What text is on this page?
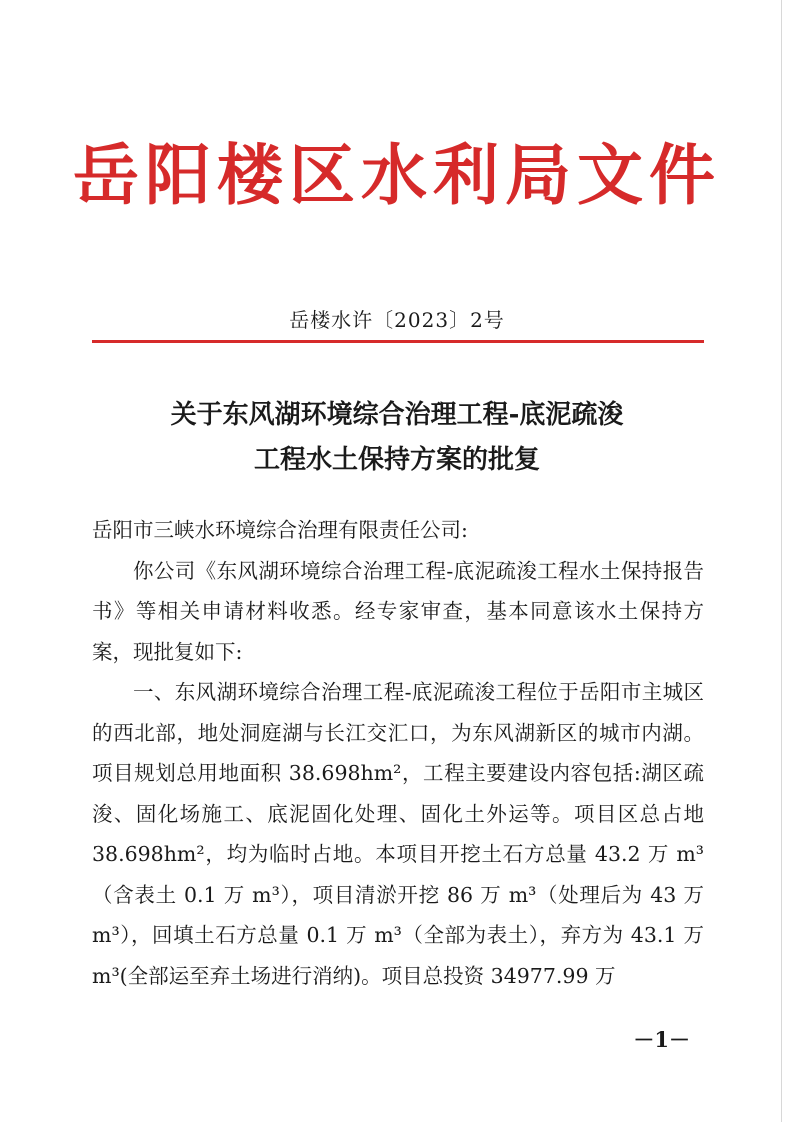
岳阳楼区水利局文件
岳楼水许〔2023〕2号
关于东风湖环境综合治理工程-底泥疏浚
工程水土保持方案的批复

岳阳市三峡水环境综合治理有限责任公司:

你公司《东风湖环境综合治理工程-底泥疏浚工程水土保持报告书》等相关申请材料收悉。经专家审查，基本同意该水土保持方案，现批复如下:

一、东风湖环境综合治理工程-底泥疏浚工程位于岳阳市主城区的西北部，地处洞庭湖与长江交汇口，为东风湖新区的城市内湖。项目规划总用地面积 38.698hm²，工程主要建设内容包括:湖区疏浚、固化场施工、底泥固化处理、固化土外运等。项目区总占地 38.698hm²，均为临时占地。本项目开挖土石方总量 43.2 万 m³（含表土 0.1 万 m³），项目清淤开挖 86 万 m³（处理后为 43 万 m³），回填土石方总量 0.1 万 m³（全部为表土），弃方为 43.1 万 m³(全部运至弃土场进行消纳)。项目总投资 34977.99 万

－1－
